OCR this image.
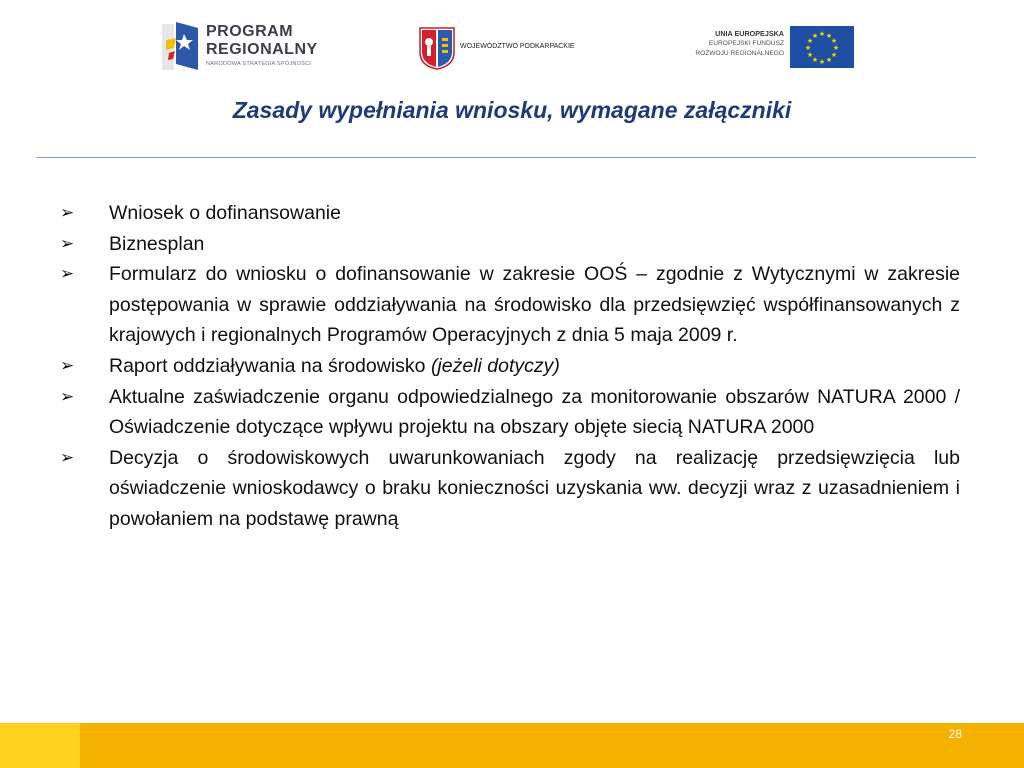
PROGRAM
REGIONALNY
NARODOWA STRATEGIA SPÓJNOŚCI
WOJEWÓDZTWO PODKARPACKIE
UNIA EUROPEJSKA
EUROPEJSKI FUNDUSZ
ROZWOJU REGIONALNEGO
★ ★
★
★
★
★
★
★
★
★
★
★
Zasady wypełniania wniosku, wymagane załączniki
➢ Wniosek o dofinansowanie
➢ Biznesplan
➢ Formularz do wniosku o dofinansowanie w zakresie OOŚ – zgodnie z Wytycznymi w zakresie postępowania w sprawie oddziaływania na środowisko dla przedsięwzięć współfinansowanych z krajowych i regionalnych Programów Operacyjnych z dnia 5 maja 2009 r.
➢ Raport oddziaływania na środowisko (jeżeli dotyczy)
➢ Aktualne zaświadczenie organu odpowiedzialnego za monitorowanie obszarów NATURA 2000 / Oświadczenie dotyczące wpływu projektu na obszary objęte siecią NATURA 2000
➢ Decyzja o środowiskowych uwarunkowaniach zgody na realizację przedsięwzięcia lub oświadczenie wnioskodawcy o braku konieczności uzyskania ww. decyzji wraz z uzasadnieniem i powołaniem na podstawę prawną
28
